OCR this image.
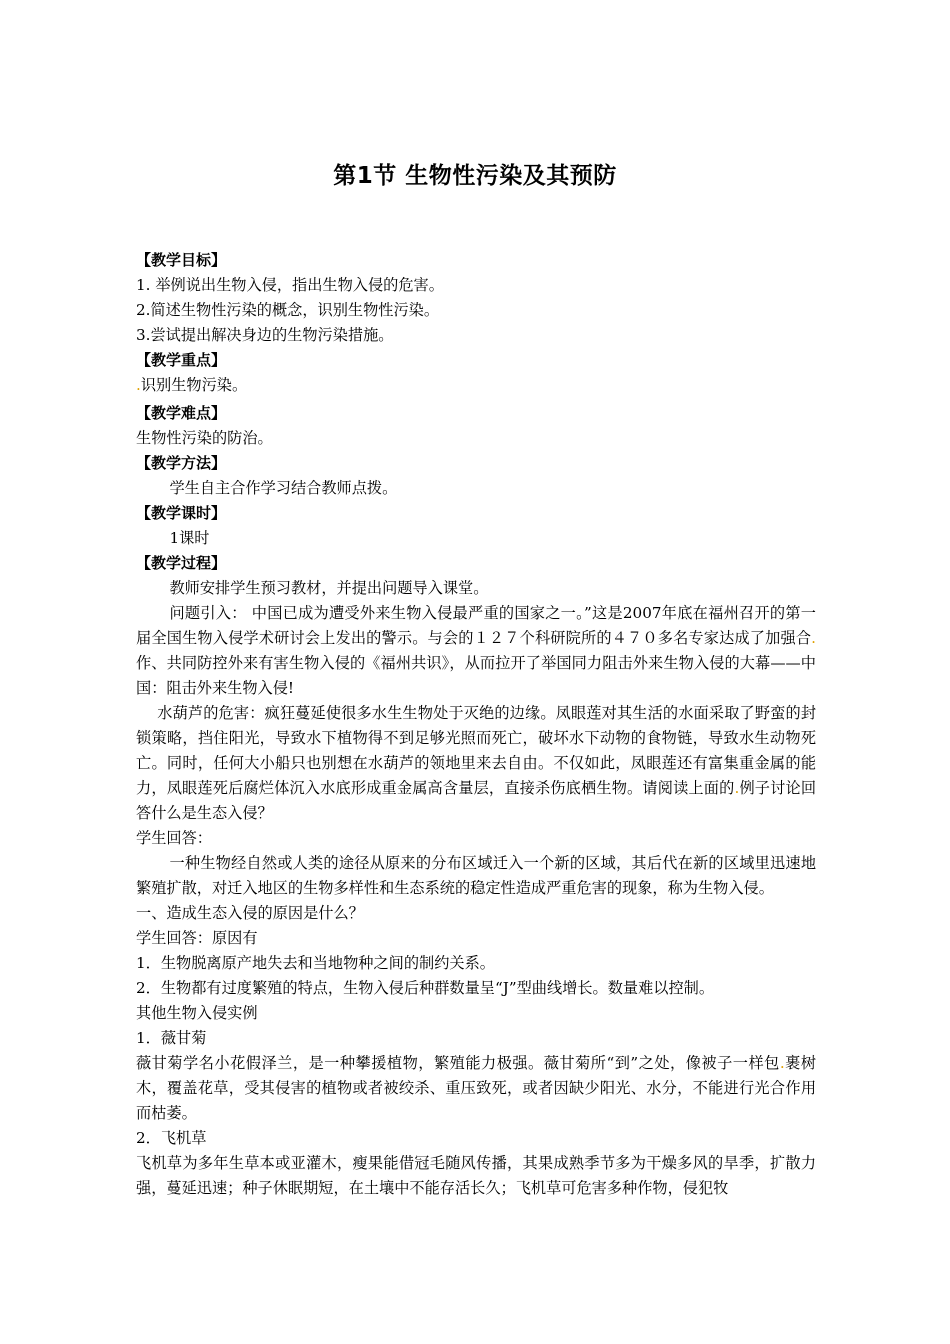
第1节 生物性污染及其预防

【教学目标】

1. 举例说出生物入侵，指出生物入侵的危害。

2.简述生物性污染的概念，识别生物性污染。

3.尝试提出解决身边的生物污染措施。

【教学重点】

.识别生物污染。

【教学难点】

生物性污染的防治。

【教学方法】

学生自主合作学习结合教师点拨。

【教学课时】

1课时

【教学过程】

教师安排学生预习教材，并提出问题导入课堂。

问题引入： 中国已成为遭受外来生物入侵最严重的国家之一。”这是2007年底在福州召开的第一届全国生物入侵学术研讨会上发出的警示。与会的１２７个科研院所的４７０多名专家达成了加强合.作、共同防控外来有害生物入侵的《福州共识》，从而拉开了举国同力阻击外来生物入侵的大幕——中国：阻击外来生物入侵!

水葫芦的危害：疯狂蔓延使很多水生生物处于灭绝的边缘。凤眼莲对其生活的水面采取了野蛮的封锁策略，挡住阳光，导致水下植物得不到足够光照而死亡，破坏水下动物的食物链，导致水生动物死亡。同时，任何大小船只也别想在水葫芦的领地里来去自由。不仅如此，凤眼莲还有富集重金属的能力，凤眼莲死后腐烂体沉入水底形成重金属高含量层，直接杀伤底栖生物。请阅读上面的.例子讨论回答什么是生态入侵？

学生回答：

一种生物经自然或人类的途径从原来的分布区域迁入一个新的区域，其后代在新的区域里迅速地繁殖扩散，对迁入地区的生物多样性和生态系统的稳定性造成严重危害的现象，称为生物入侵。

一、造成生态入侵的原因是什么？

学生回答：原因有

1．生物脱离原产地失去和当地物种之间的制约关系。

2．生物都有过度繁殖的特点，生物入侵后种群数量呈“J”型曲线增长。数量难以控制。

其他生物入侵实例

1．薇甘菊

薇甘菊学名小花假泽兰，是一种攀援植物，繁殖能力极强。薇甘菊所“到”之处，像被子一样包.裹树木，覆盖花草，受其侵害的植物或者被绞杀、重压致死，或者因缺少阳光、水分，不能进行光合作用而枯萎。

2．飞机草

飞机草为多年生草本或亚灌木，瘦果能借冠毛随风传播，其果成熟季节多为干燥多风的旱季，扩散力强，蔓延迅速；种子休眠期短，在土壤中不能存活长久；飞机草可危害多种作物，侵犯牧
